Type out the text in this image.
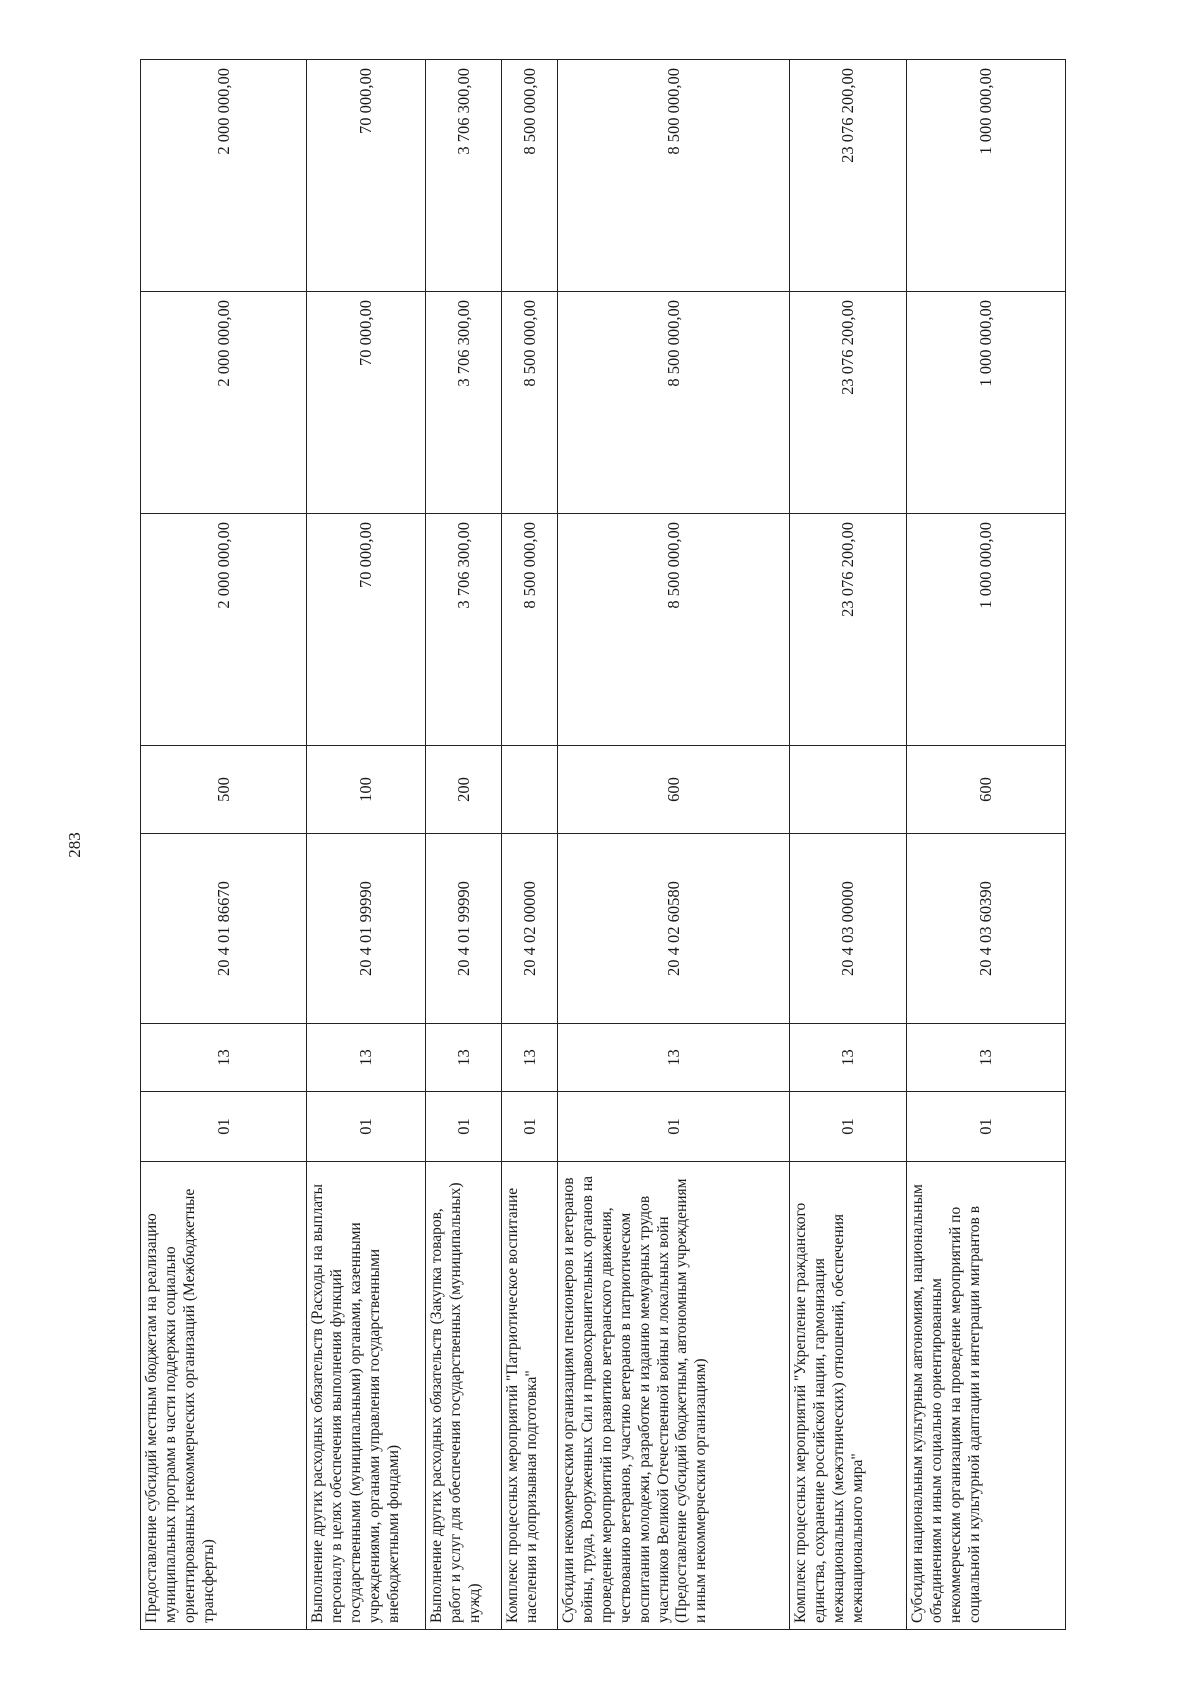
283
Предоставление субсидий местным бюджетам на реализацию муниципальных программ в части поддержки социально ориентированных некоммерческих организаций (Межбюджетные трансферты)	01	13	20 4 01 86670	500	2 000 000,00	2 000 000,00	2 000 000,00
Выполнение других расходных обязательств (Расходы на выплаты персоналу в целях обеспечения выполнения функций государственными (муниципальными) органами, казенными учреждениями, органами управления государственными внебюджетными фондами)	01	13	20 4 01 99990	100	70 000,00	70 000,00	70 000,00
Выполнение других расходных обязательств (Закупка товаров, работ и услуг для обеспечения государственных (муниципальных) нужд)	01	13	20 4 01 99990	200	3 706 300,00	3 706 300,00	3 706 300,00
Комплекс процессных мероприятий "Патриотическое воспитание населения и допризывная подготовка"	01	13	20 4 02 00000		8 500 000,00	8 500 000,00	8 500 000,00
Субсидии некоммерческим организациям пенсионеров и ветеранов войны, труда, Вооруженных Сил и правоохранительных органов на проведение мероприятий по развитию ветеранского движения, чествованию ветеранов, участию ветеранов в патриотическом воспитании молодежи, разработке и изданию мемуарных трудов участников Великой Отечественной войны и локальных войн (Предоставление субсидий бюджетным, автономным учреждениям и иным некоммерческим организациям)	01	13	20 4 02 60580	600	8 500 000,00	8 500 000,00	8 500 000,00
Комплекс процессных мероприятий "Укрепление гражданского единства, сохранение российской нации, гармонизация межнациональных (межэтнических) отношений, обеспечения межнационального мира"	01	13	20 4 03 00000		23 076 200,00	23 076 200,00	23 076 200,00
Субсидии национальным культурным автономиям, национальным объединениям и иным социально ориентированным некоммерческим организациям на проведение мероприятий по социальной и культурной адаптации и интеграции мигрантов в	01	13	20 4 03 60390	600	1 000 000,00	1 000 000,00	1 000 000,00
